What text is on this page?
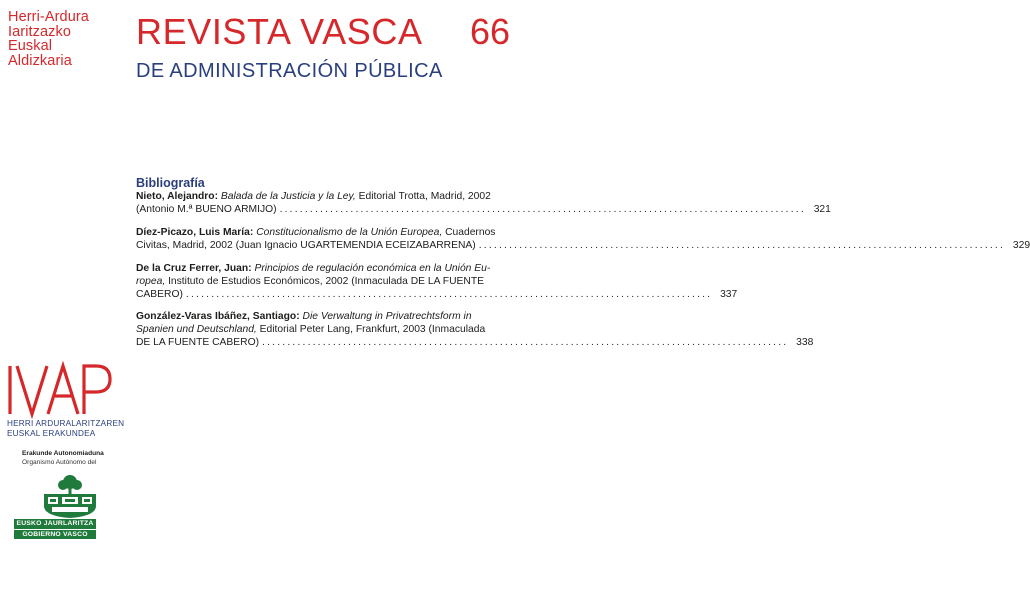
Herri-Ardura
Iaritzazko
Euskal
Aldizkaria
REVISTA VASCA 66
DE ADMINISTRACIÓN PÚBLICA
Bibliografía
Nieto, Alejandro: Balada de la Justicia y la Ley, Editorial Trotta, Madrid, 2002
(Antonio M.ª BUENO ARMIJO) ........................................................................................................ 321
Díez-Picazo, Luis María: Constitucionalismo de la Unión Europea, Cuadernos
Civitas, Madrid, 2002 (Juan Ignacio UGARTEMENDIA ECEIZABARRENA) ........................................................................................................ 329
De la Cruz Ferrer, Juan: Principios de regulación económica en la Unión Eu-
ropea, Instituto de Estudios Económicos, 2002 (Inmaculada DE LA FUENTE
CABERO) ........................................................................................................ 337
González-Varas Ibáñez, Santiago: Die Verwaltung in Privatrechtsform in
Spanien und Deutschland, Editorial Peter Lang, Frankfurt, 2003 (Inmaculada
DE LA FUENTE CABERO) ........................................................................................................ 338
HERRI ARDURALARITZAREN
EUSKAL ERAKUNDEA
Erakunde Autonomiaduna
Organismo Autónomo del
EUSKO JAURLARITZA
GOBIERNO VASCO
